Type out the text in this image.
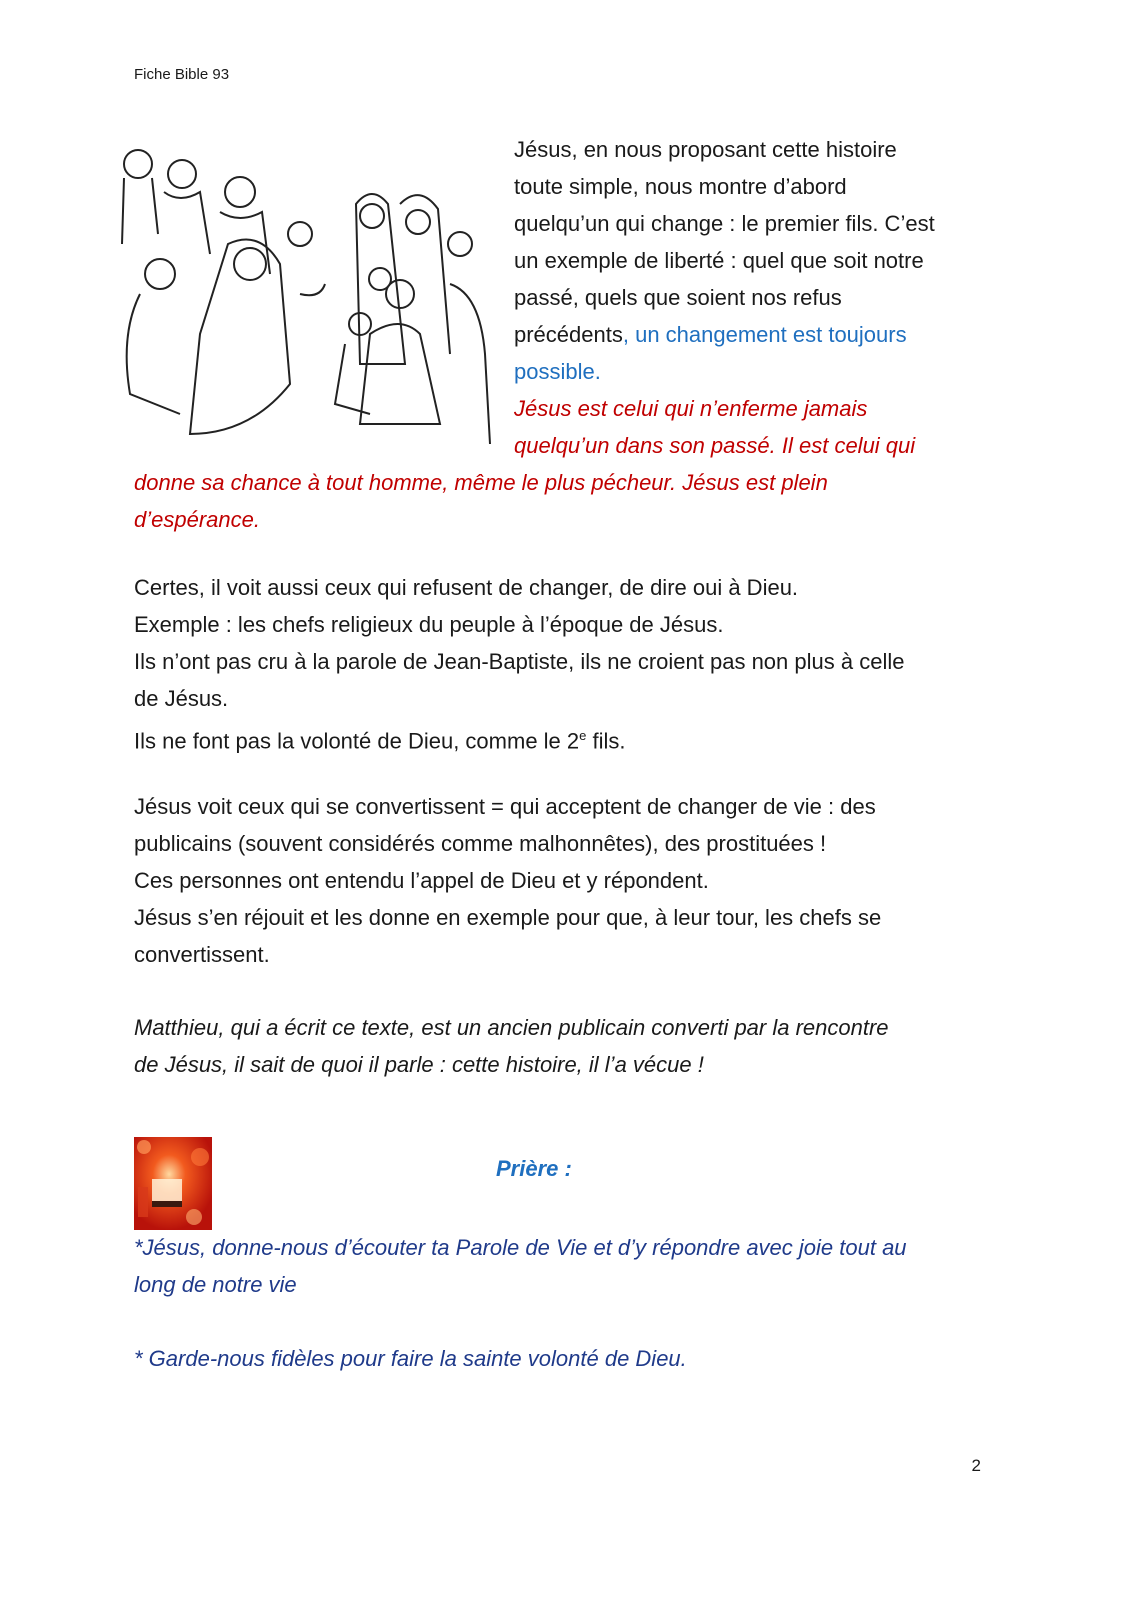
Fiche Bible 93
Jésus, en nous proposant cette histoire
toute simple, nous montre d’abord
quelqu’un qui change : le premier fils. C’est
un exemple de liberté : quel que soit notre
passé, quels que soient nos refus
précédents, un changement est toujours
possible.
Jésus est celui qui n’enferme jamais
quelqu’un dans son passé. Il est celui qui
donne sa chance à tout homme, même le plus pécheur. Jésus est plein
d’espérance.
Certes, il voit aussi ceux qui refusent de changer, de dire oui à Dieu.
Exemple : les chefs religieux du peuple à l’époque de Jésus.
Ils n’ont pas cru à la parole de Jean-Baptiste, ils ne croient pas non plus à celle
de Jésus.
Ils ne font pas la volonté de Dieu, comme le 2e fils.
Jésus voit ceux qui se convertissent = qui acceptent de changer de vie : des
publicains (souvent considérés comme malhonnêtes), des prostituées !
Ces personnes ont entendu l’appel de Dieu et y répondent.
Jésus s’en réjouit et les donne en exemple pour que, à leur tour, les chefs se
convertissent.
Matthieu, qui a écrit ce texte, est un ancien publicain converti par la rencontre
de Jésus, il sait de quoi il parle : cette histoire, il l’a vécue !
Prière :
*Jésus, donne-nous d’écouter ta Parole de Vie et d’y répondre avec joie tout au
long de notre vie
* Garde-nous fidèles pour faire la sainte volonté de Dieu.
2
